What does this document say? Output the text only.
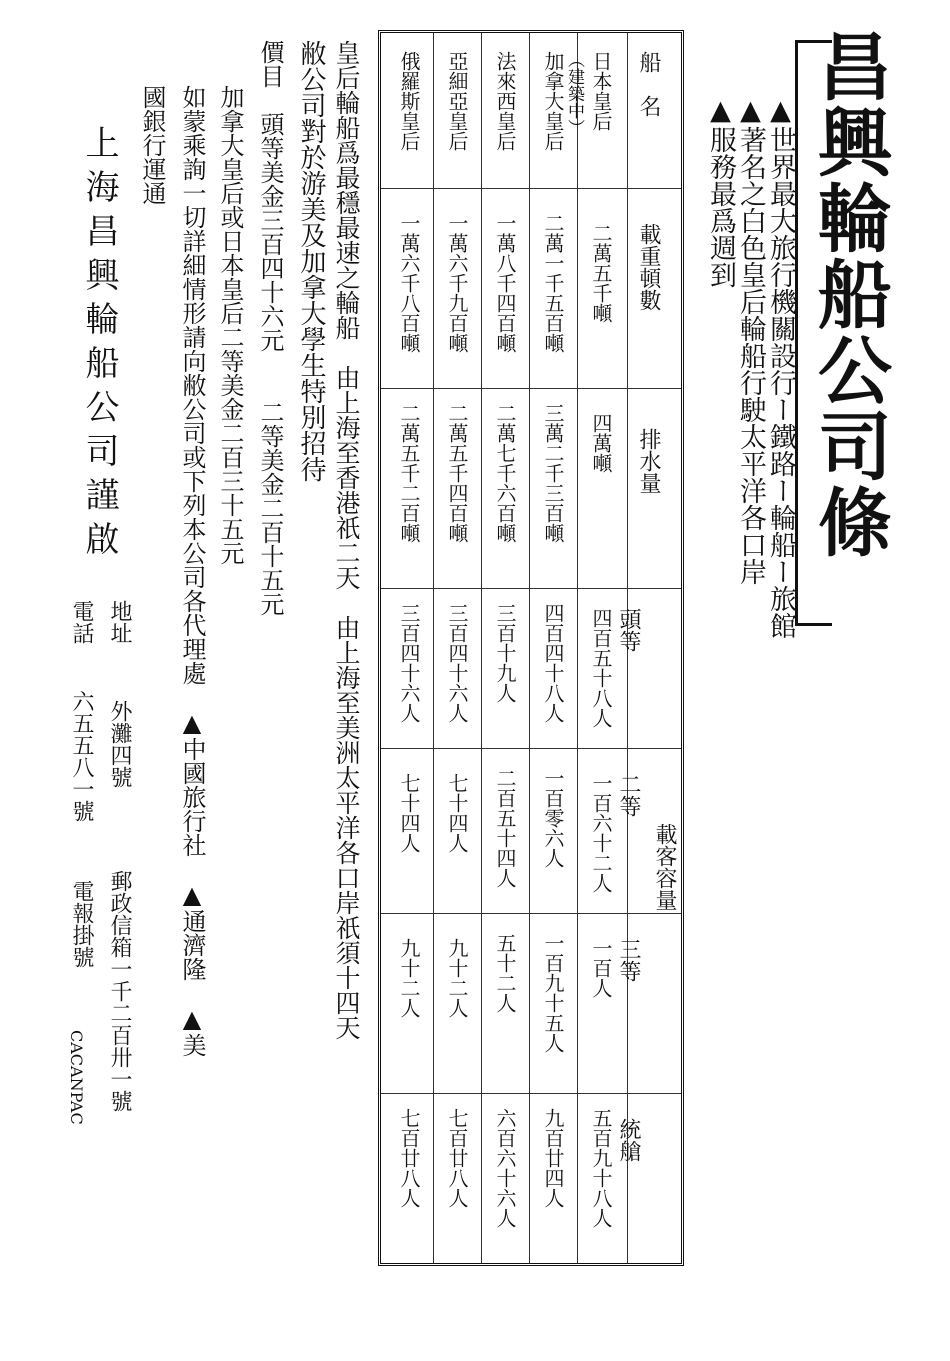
昌興輪船公司條
▲世界最大旅行機關設行ー鐵路ー輪船ー旅館
▲著名之白色皇后輪船行駛太平洋各口岸
▲服務最爲週到
船　名
載重頓數
排水量
載客容量
頭等
二等
三等
統艙
日本皇后
（建築中）
二萬五千噸
四萬噸
四百五十八人
一百六十二人
一百人
五百九十八人
加拿大皇后
二萬一千五百噸
三萬二千三百噸
四百四十八人
一百零六人
一百九十五人
九百廿四人
法來西皇后
一萬八千四百噸
二萬七千六百噸
三百十九人
二百五十四人
五十二人
六百六十六人
亞細亞皇后
一萬六千九百噸
二萬五千四百噸
三百四十六人
七十四人
九十二人
七百廿八人
俄羅斯皇后
一萬六千八百噸
二萬五千二百噸
三百四十六人
七十四人
九十二人
七百廿八人
皇后輪船爲最穩最速之輪船　由上海至香港祇二天　由上海至美洲太平洋各口岸祇須十四天
敝公司對於游美及加拿大學生特別招待
價目　頭等美金三百四十六元　　二等美金二百十五元
加拿大皇后或日本皇后二等美金二百三十五元
如蒙乘詢一切詳細情形請向敝公司或下列本公司各代理處　▲中國旅行社　▲通濟隆　▲美
國銀行運通
上海昌興輪船公司謹啟
地址
外灘四號
郵政信箱一千二百卅一號
電話
六五五八一號
電報掛號
CACANPAC
